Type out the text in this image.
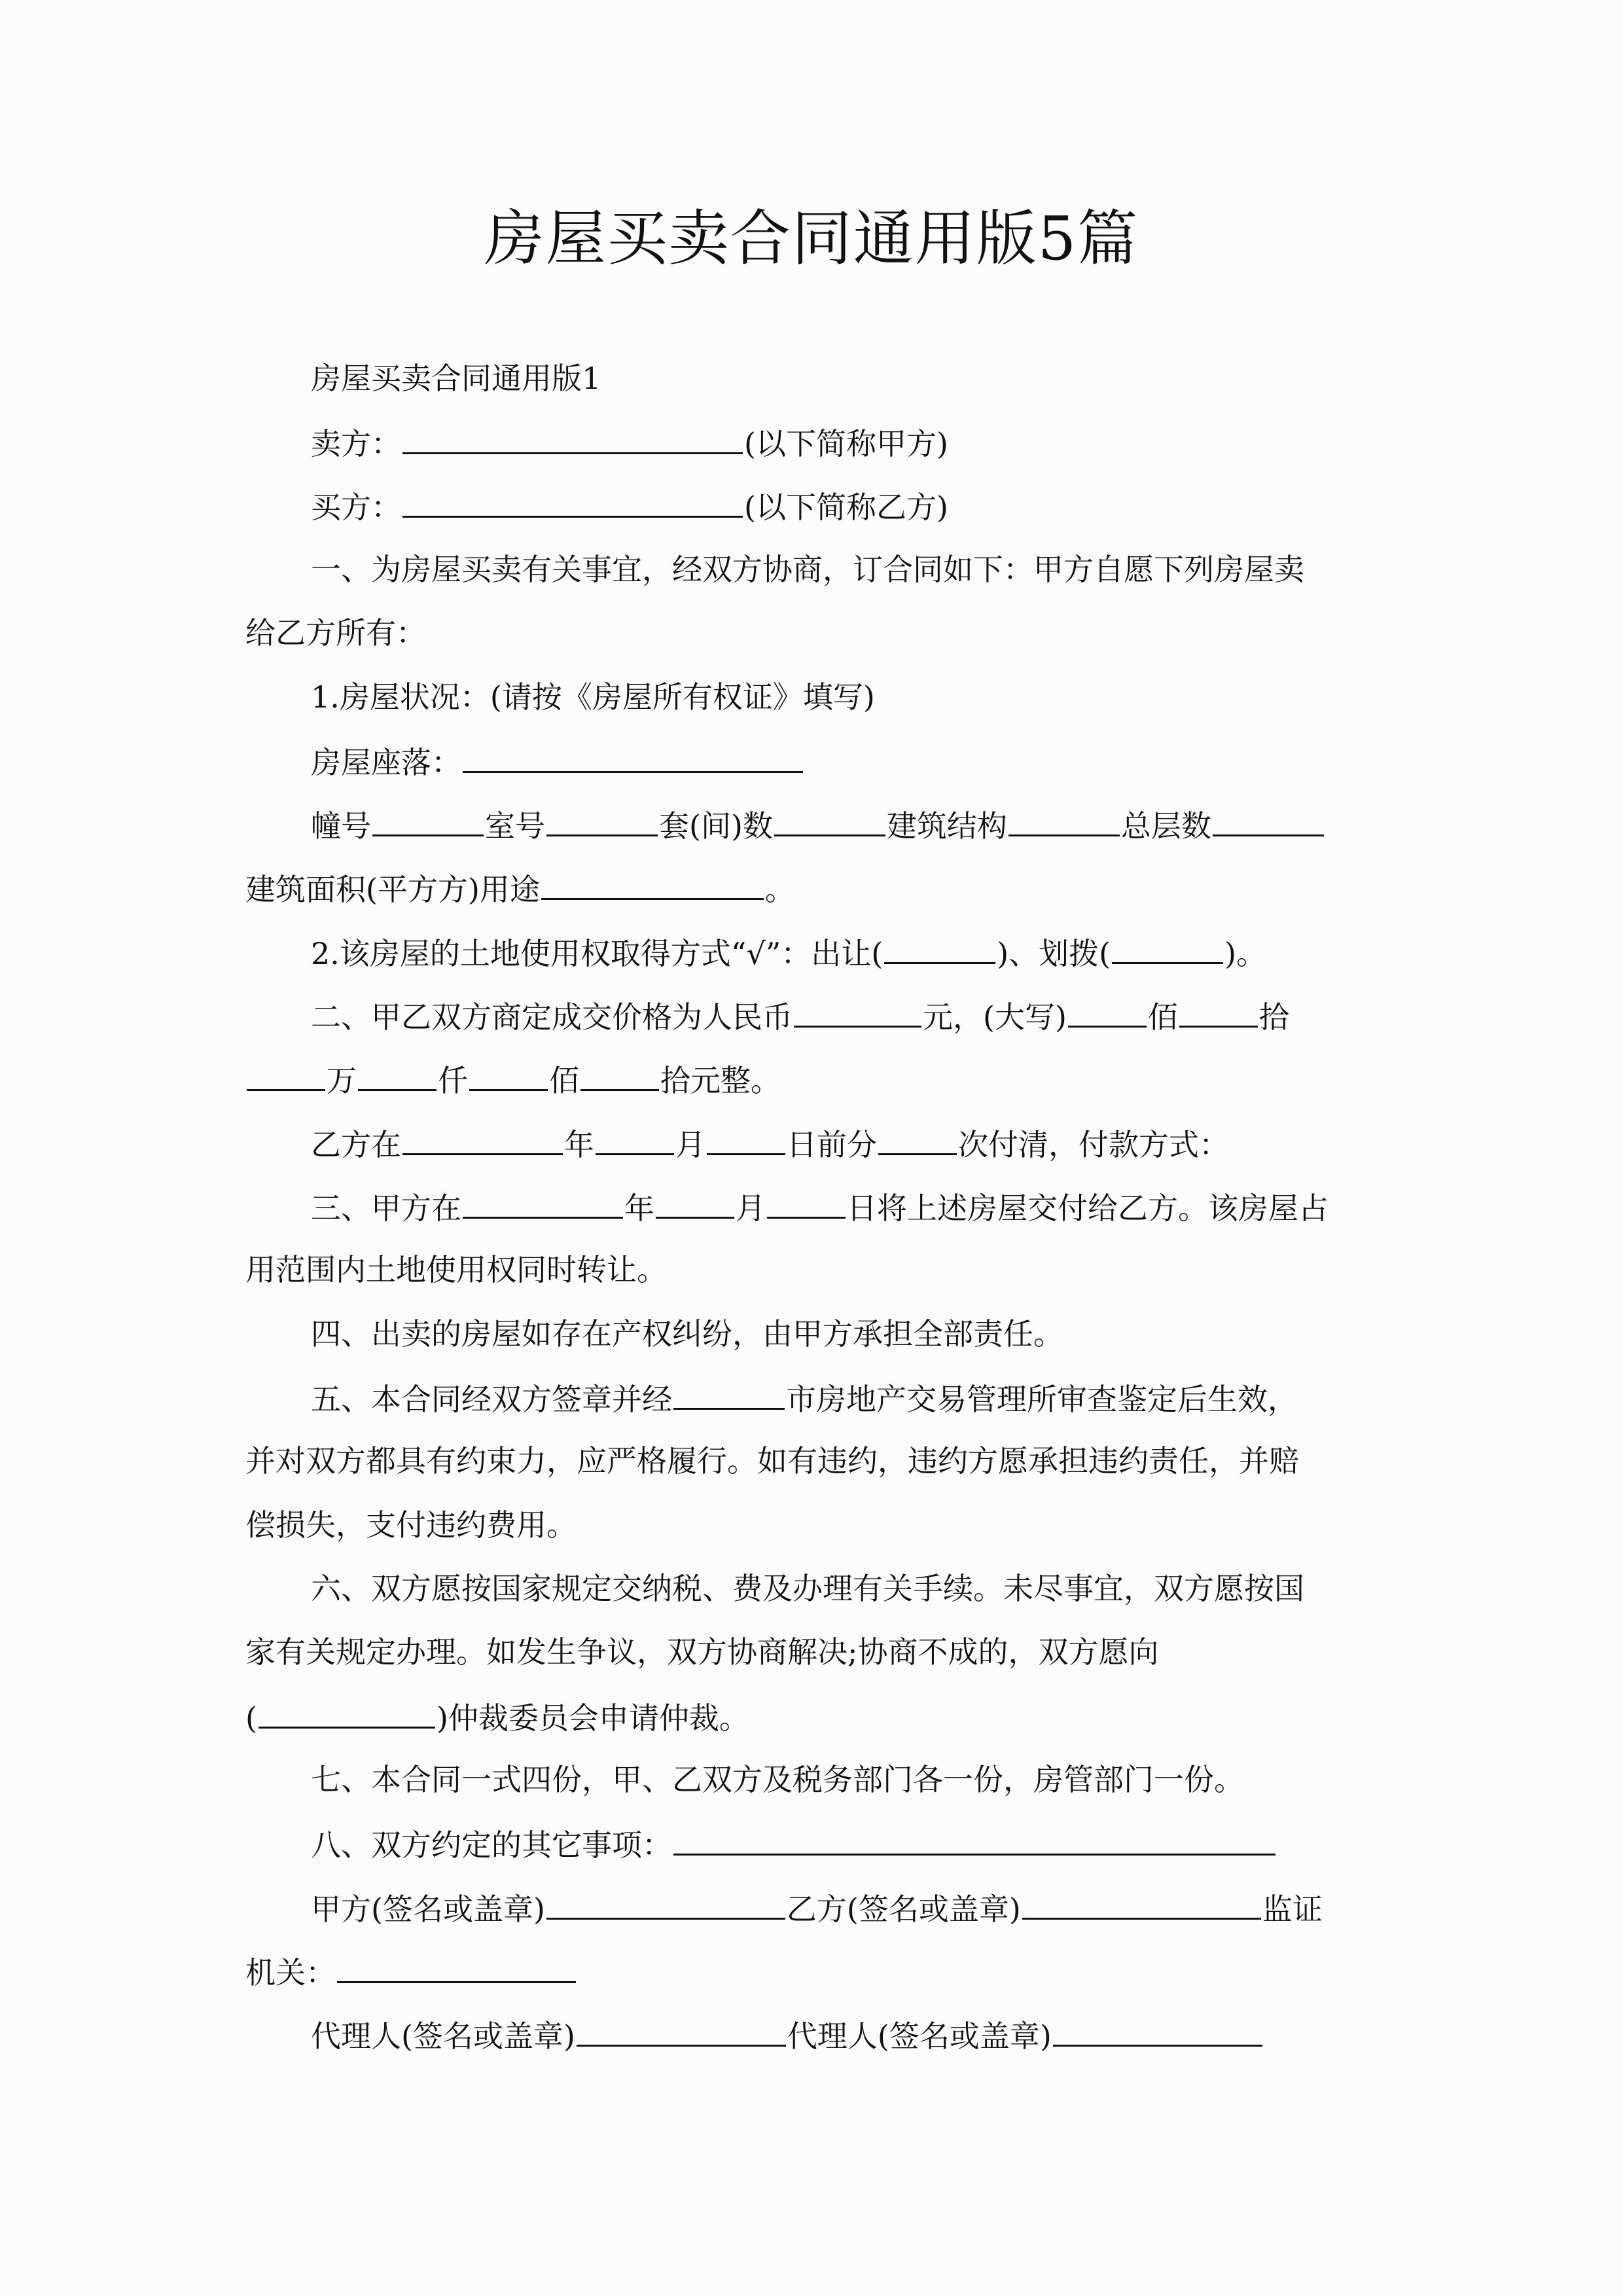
房屋买卖合同通用版5篇
房屋买卖合同通用版1
卖方：	(以下简称甲方)
买方：	(以下简称乙方)
一、为房屋买卖有关事宜，经双方协商，订合同如下：甲方自愿下列房屋卖
给乙方所有：
1.房屋状况：(请按《房屋所有权证》填写)
房屋座落：
幢号	室号	套(间)数	建筑结构	总层数
建筑面积(平方方)用途	。
2.该房屋的土地使用权取得方式“√”：出让(	)、划拨(	)。
二、甲乙双方商定成交价格为人民币	元，(大写)	佰	拾
万	仟	佰	拾元整。
乙方在	年	月	日前分	次付清，付款方式：
三、甲方在	年	月	日将上述房屋交付给乙方。该房屋占
用范围内土地使用权同时转让。
四、出卖的房屋如存在产权纠纷，由甲方承担全部责任。
五、本合同经双方签章并经	市房地产交易管理所审查鉴定后生效，
并对双方都具有约束力，应严格履行。如有违约，违约方愿承担违约责任，并赔
偿损失，支付违约费用。
六、双方愿按国家规定交纳税、费及办理有关手续。未尽事宜，双方愿按国
家有关规定办理。如发生争议，双方协商解决;协商不成的，双方愿向
(	)仲裁委员会申请仲裁。
七、本合同一式四份，甲、乙双方及税务部门各一份，房管部门一份。
八、双方约定的其它事项：
甲方(签名或盖章)	乙方(签名或盖章)	监证
机关：
代理人(签名或盖章)	代理人(签名或盖章)
